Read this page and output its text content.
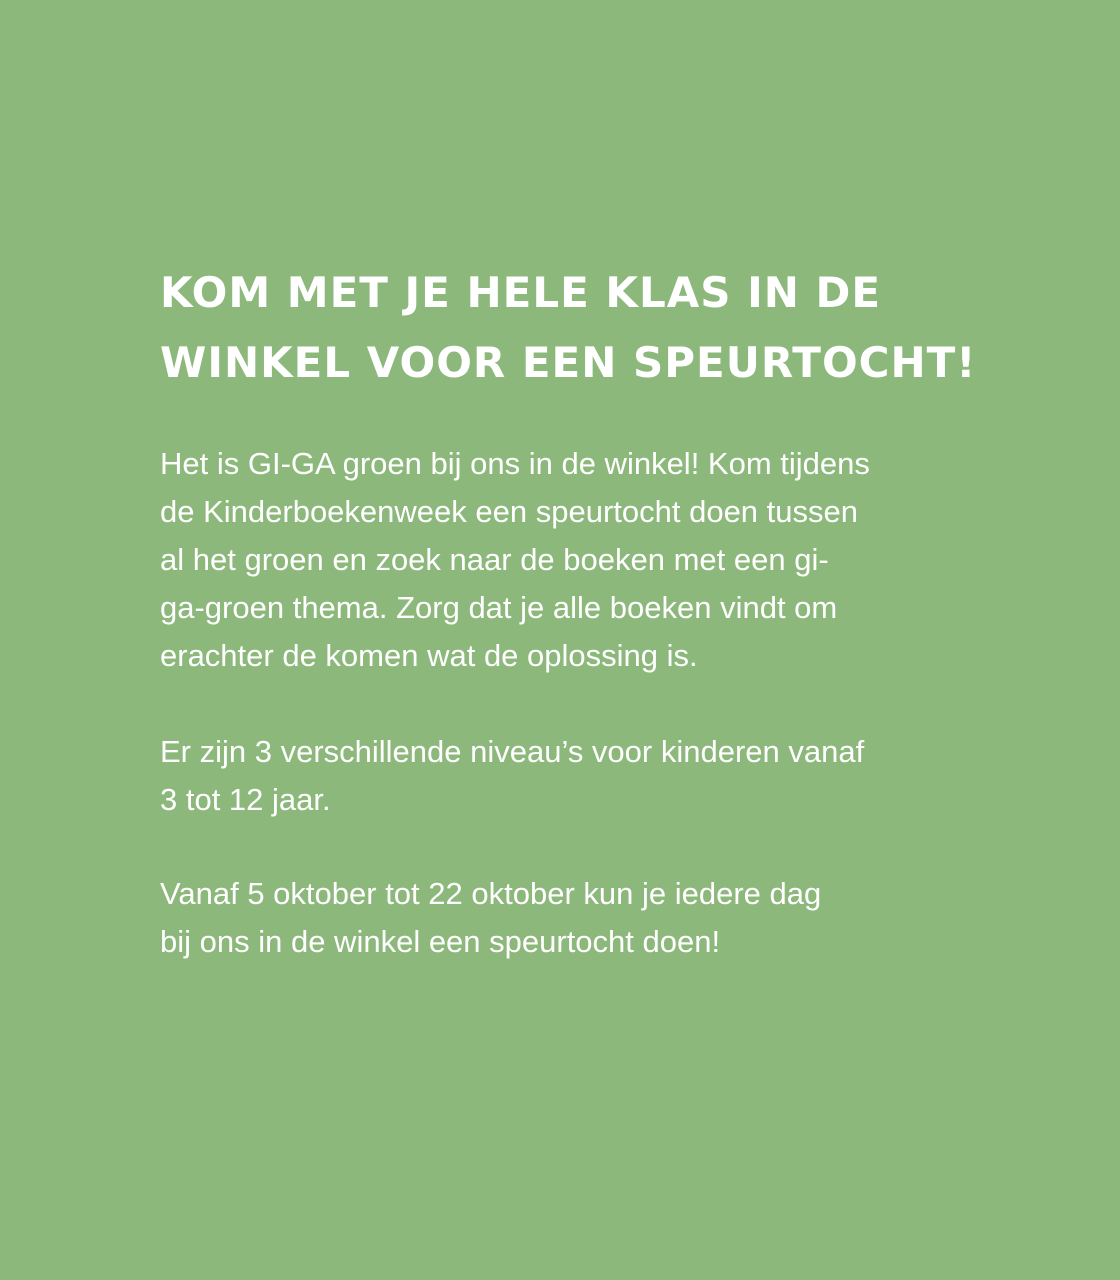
KOM MET JE HELE KLAS IN DE
WINKEL VOOR EEN SPEURTOCHT!

Het is GI-GA groen bij ons in de winkel! Kom tijdens
de Kinderboekenweek een speurtocht doen tussen
al het groen en zoek naar de boeken met een gi-
ga-groen thema. Zorg dat je alle boeken vindt om
erachter de komen wat de oplossing is.

Er zijn 3 verschillende niveau’s voor kinderen vanaf
3 tot 12 jaar.

Vanaf 5 oktober tot 22 oktober kun je iedere dag
bij ons in de winkel een speurtocht doen!
